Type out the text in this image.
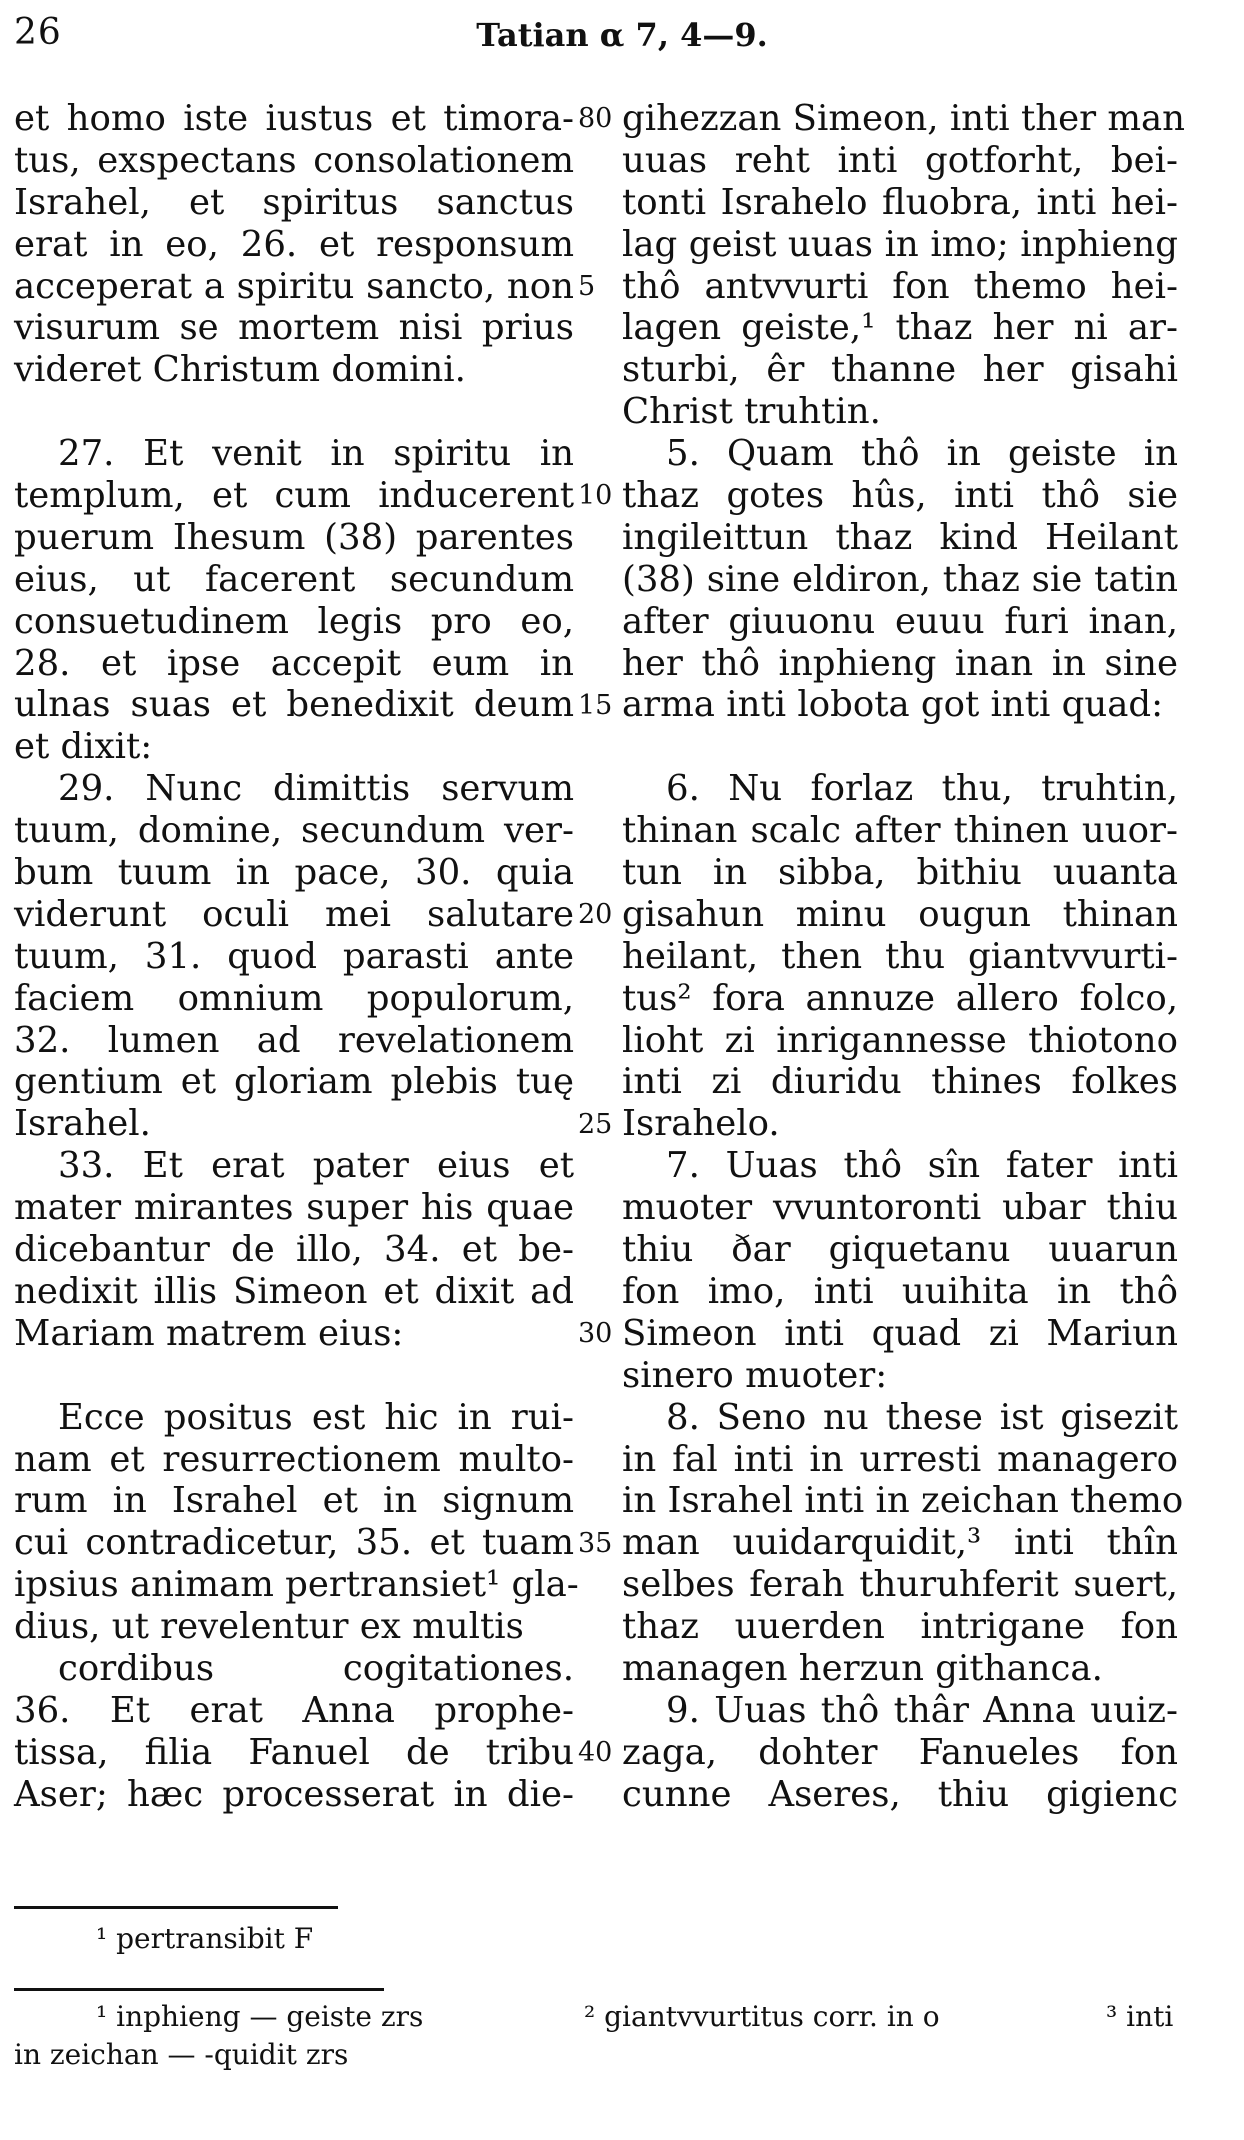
26	Tatian α 7, 4—9.
et homo iste iustus et timora-
tus, exspectans consolationem
Israhel, et spiritus sanctus
erat in eo, 26. et responsum
acceperat a spiritu sancto, non
visurum se mortem nisi prius
videret Christum domini.
27. Et venit in spiritu in
templum, et cum inducerent
puerum Ihesum (38) parentes
eius, ut facerent secundum
consuetudinem legis pro eo,
28. et ipse accepit eum in
ulnas suas et benedixit deum
et dixit:
29. Nunc dimittis servum
tuum, domine, secundum ver-
bum tuum in pace, 30. quia
viderunt oculi mei salutare
tuum, 31. quod parasti ante
faciem omnium populorum,
32. lumen ad revelationem
gentium et gloriam plebis tuę
Israhel.
33. Et erat pater eius et
mater mirantes super his quae
dicebantur de illo, 34. et be-
nedixit illis Simeon et dixit ad
Mariam matrem eius:
Ecce positus est hic in rui-
nam et resurrectionem multo-
rum in Israhel et in signum
cui contradicetur, 35. et tuam
ipsius animam pertransiet¹ gla-
dius, ut revelentur ex multis
cordibus cogitationes.
36. Et erat Anna prophe-
tissa, filia Fanuel de tribu
Aser; hæc processerat in die-
80
5
10
15
20
25
30
35
40
gihezzan Simeon, inti ther man
uuas reht inti gotforht, bei-
tonti Israhelo fluobra, inti hei-
lag geist uuas in imo; inphieng
thô antvvurti fon themo hei-
lagen geiste,¹ thaz her ni ar-
sturbi, êr thanne her gisahi
Christ truhtin.
5. Quam thô in geiste in
thaz gotes hûs, inti thô sie
ingileittun thaz kind Heilant
(38) sine eldiron, thaz sie tatin
after giuuonu euuu furi inan,
her thô inphieng inan in sine
arma inti lobota got inti quad:
6. Nu forlaz thu, truhtin,
thinan scalc after thinen uuor-
tun in sibba, bithiu uuanta
gisahun minu ougun thinan
heilant, then thu giantvvurti-
tus² fora annuze allero folco,
lioht zi inrigannesse thiotono
inti zi diuridu thines folkes
Israhelo.
7. Uuas thô sîn fater inti
muoter vvuntoronti ubar thiu
thiu ðar giquetanu uuarun
fon imo, inti uuihita in thô
Simeon inti quad zi Mariun
sinero muoter:
8. Seno nu these ist gisezit
in fal inti in urresti managero
in Israhel inti in zeichan themo
man uuidarquidit,³ inti thîn
selbes ferah thuruhferit suert,
thaz uuerden intrigane fon
managen herzun githanca.
9. Uuas thô thâr Anna uuiz-
zaga, dohter Fanueles fon
cunne Aseres, thiu gigienc
¹ pertransibit F
¹ inphieng — geiste zrs	² giantvvurtitus corr. in o	³ inti
in zeichan — -quidit zrs
